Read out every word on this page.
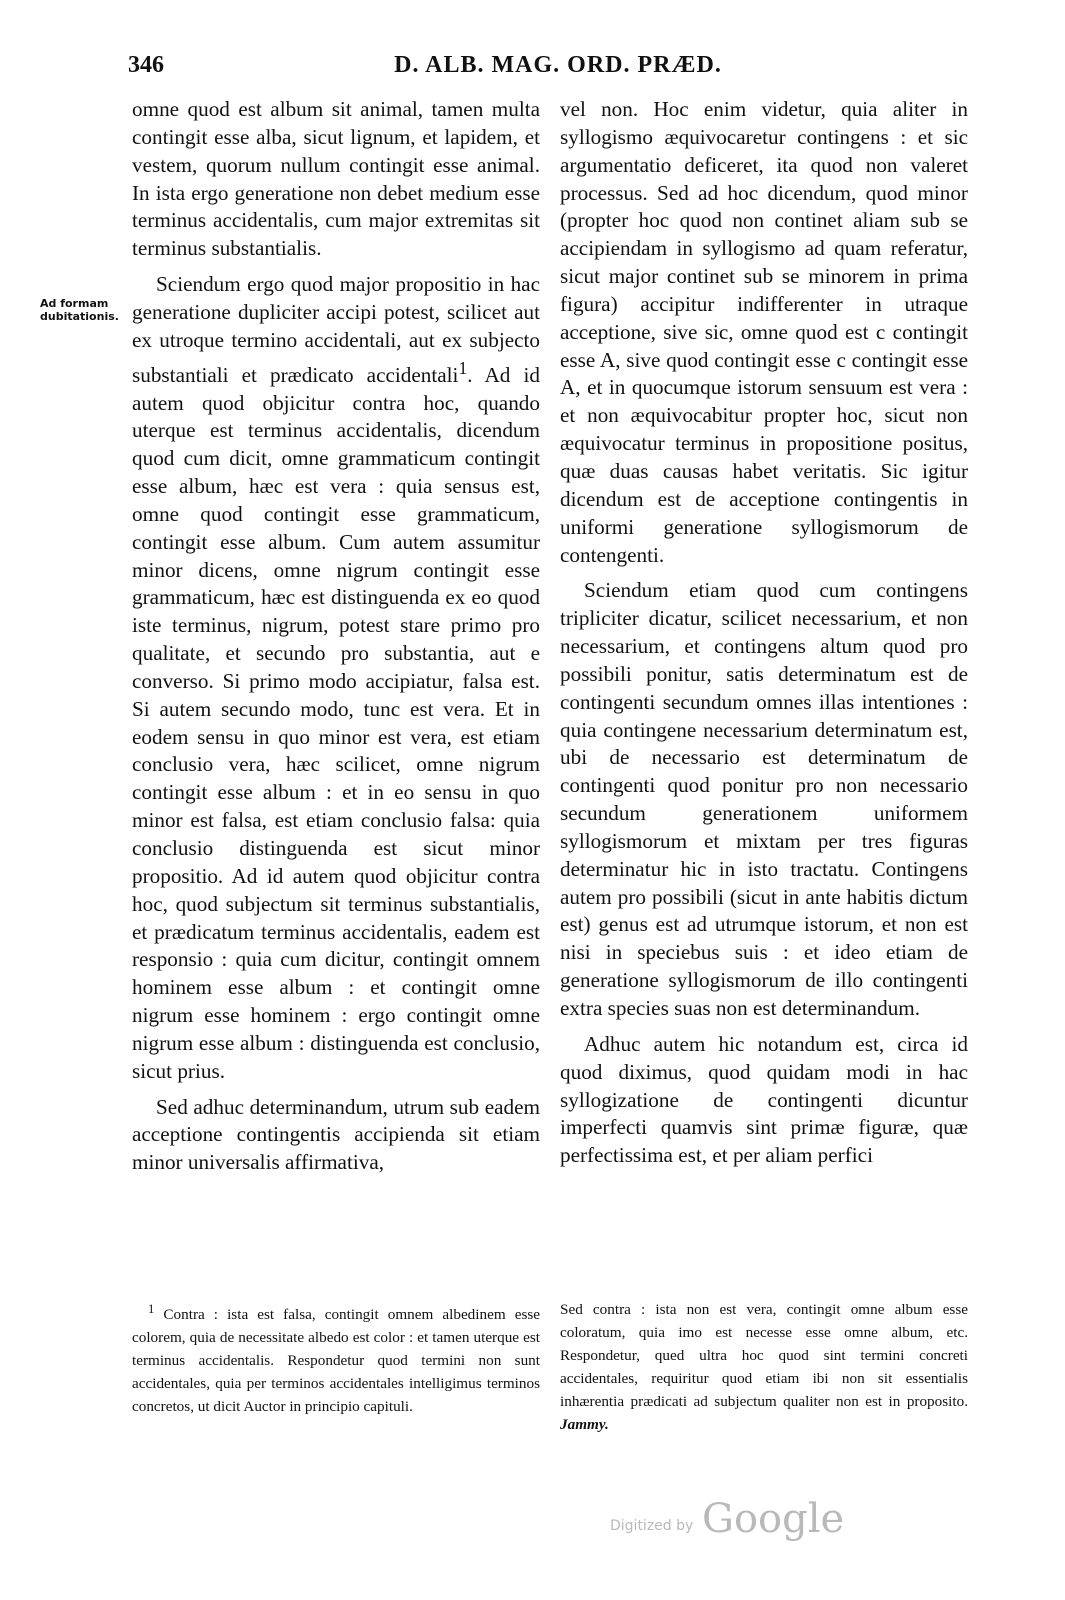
346	D. ALB. MAG. ORD. PRÆD.
Ad formam dubitationis.

omne quod est album sit animal, tamen multa contingit esse alba, sicut lignum, et lapidem, et vestem, quorum nullum contingit esse animal. In ista ergo generatione non debet medium esse terminus accidentalis, cum major extremitas sit terminus substantialis.

Sciendum ergo quod major propositio in hac generatione dupliciter accipi potest, scilicet aut ex utroque termino accidentali, aut ex subjecto substantiali et prædicato accidentali$^1$. Ad id autem quod objicitur contra hoc, quando uterque est terminus accidentalis, dicendum quod cum dicit, omne grammaticum contingit esse album, hæc est vera : quia sensus est, omne quod contingit esse grammaticum, contingit esse album. Cum autem assumitur minor dicens, omne nigrum contingit esse grammaticum, hæc est distinguenda ex eo quod iste terminus, nigrum, potest stare primo pro qualitate, et secundo pro substantia, aut e converso. Si primo modo accipiatur, falsa est. Si autem secundo modo, tunc est vera. Et in eodem sensu in quo minor est vera, est etiam conclusio vera, hæc scilicet, omne nigrum contingit esse album : et in eo sensu in quo minor est falsa, est etiam conclusio falsa: quia conclusio distinguenda est sicut minor propositio. Ad id autem quod objicitur contra hoc, quod subjectum sit terminus substantialis, et prædicatum terminus accidentalis, eadem est responsio : quia cum dicitur, contingit omnem hominem esse album : et contingit omne nigrum esse hominem : ergo contingit omne nigrum esse album : distinguenda est conclusio, sicut prius.

Sed adhuc determinandum, utrum sub eadem acceptione contingentis accipienda sit etiam minor universalis affirmativa,

vel non. Hoc enim videtur, quia aliter in syllogismo æquivocaretur contingens : et sic argumentatio deficeret, ita quod non valeret processus. Sed ad hoc dicendum, quod minor (propter hoc quod non continet aliam sub se accipiendam in syllogismo ad quam referatur, sicut major continet sub se minorem in prima figura) accipitur indifferenter in utraque acceptione, sive sic, omne quod est c contingit esse A, sive quod contingit esse c contingit esse A, et in quocumque istorum sensuum est vera : et non æquivocabitur propter hoc, sicut non æquivocatur terminus in propositione positus, quæ duas causas habet veritatis. Sic igitur dicendum est de acceptione contingentis in uniformi generatione syllogismorum de contengenti.

Sciendum etiam quod cum contingens tripliciter dicatur, scilicet necessarium, et non necessarium, et contingens altum quod pro possibili ponitur, satis determinatum est de contingenti secundum omnes illas intentiones : quia contingene necessarium determinatum est, ubi de necessario est determinatum de contingenti quod ponitur pro non necessario secundum generationem uniformem syllogismorum et mixtam per tres figuras determinatur hic in isto tractatu. Contingens autem pro possibili (sicut in ante habitis dictum est) genus est ad utrumque istorum, et non est nisi in speciebus suis : et ideo etiam de generatione syllogismorum de illo contingenti extra species suas non est determinandum.

Adhuc autem hic notandum est, circa id quod diximus, quod quidam modi in hac syllogizatione de contingenti dicuntur imperfecti quamvis sint primæ figuræ, quæ perfectissima est, et per aliam perfici

$^1$ Contra : ista est falsa, contingit omnem albedinem esse colorem, quia de necessitate albedo est color : et tamen uterque est terminus accidentalis. Respondetur quod termini non sunt accidentales, quia per terminos accidentales intelligimus terminos concretos, ut dicit Auctor in principio capituli.
Sed contra : ista non est vera, contingit omne album esse coloratum, quia imo est necesse esse omne album, etc. Respondetur, qued ultra hoc quod sint termini concreti accidentales, requiritur quod etiam ibi non sit essentialis inhærentia prædicati ad subjectum qualiter non est in proposito. Jammy.
Digitized by Google
